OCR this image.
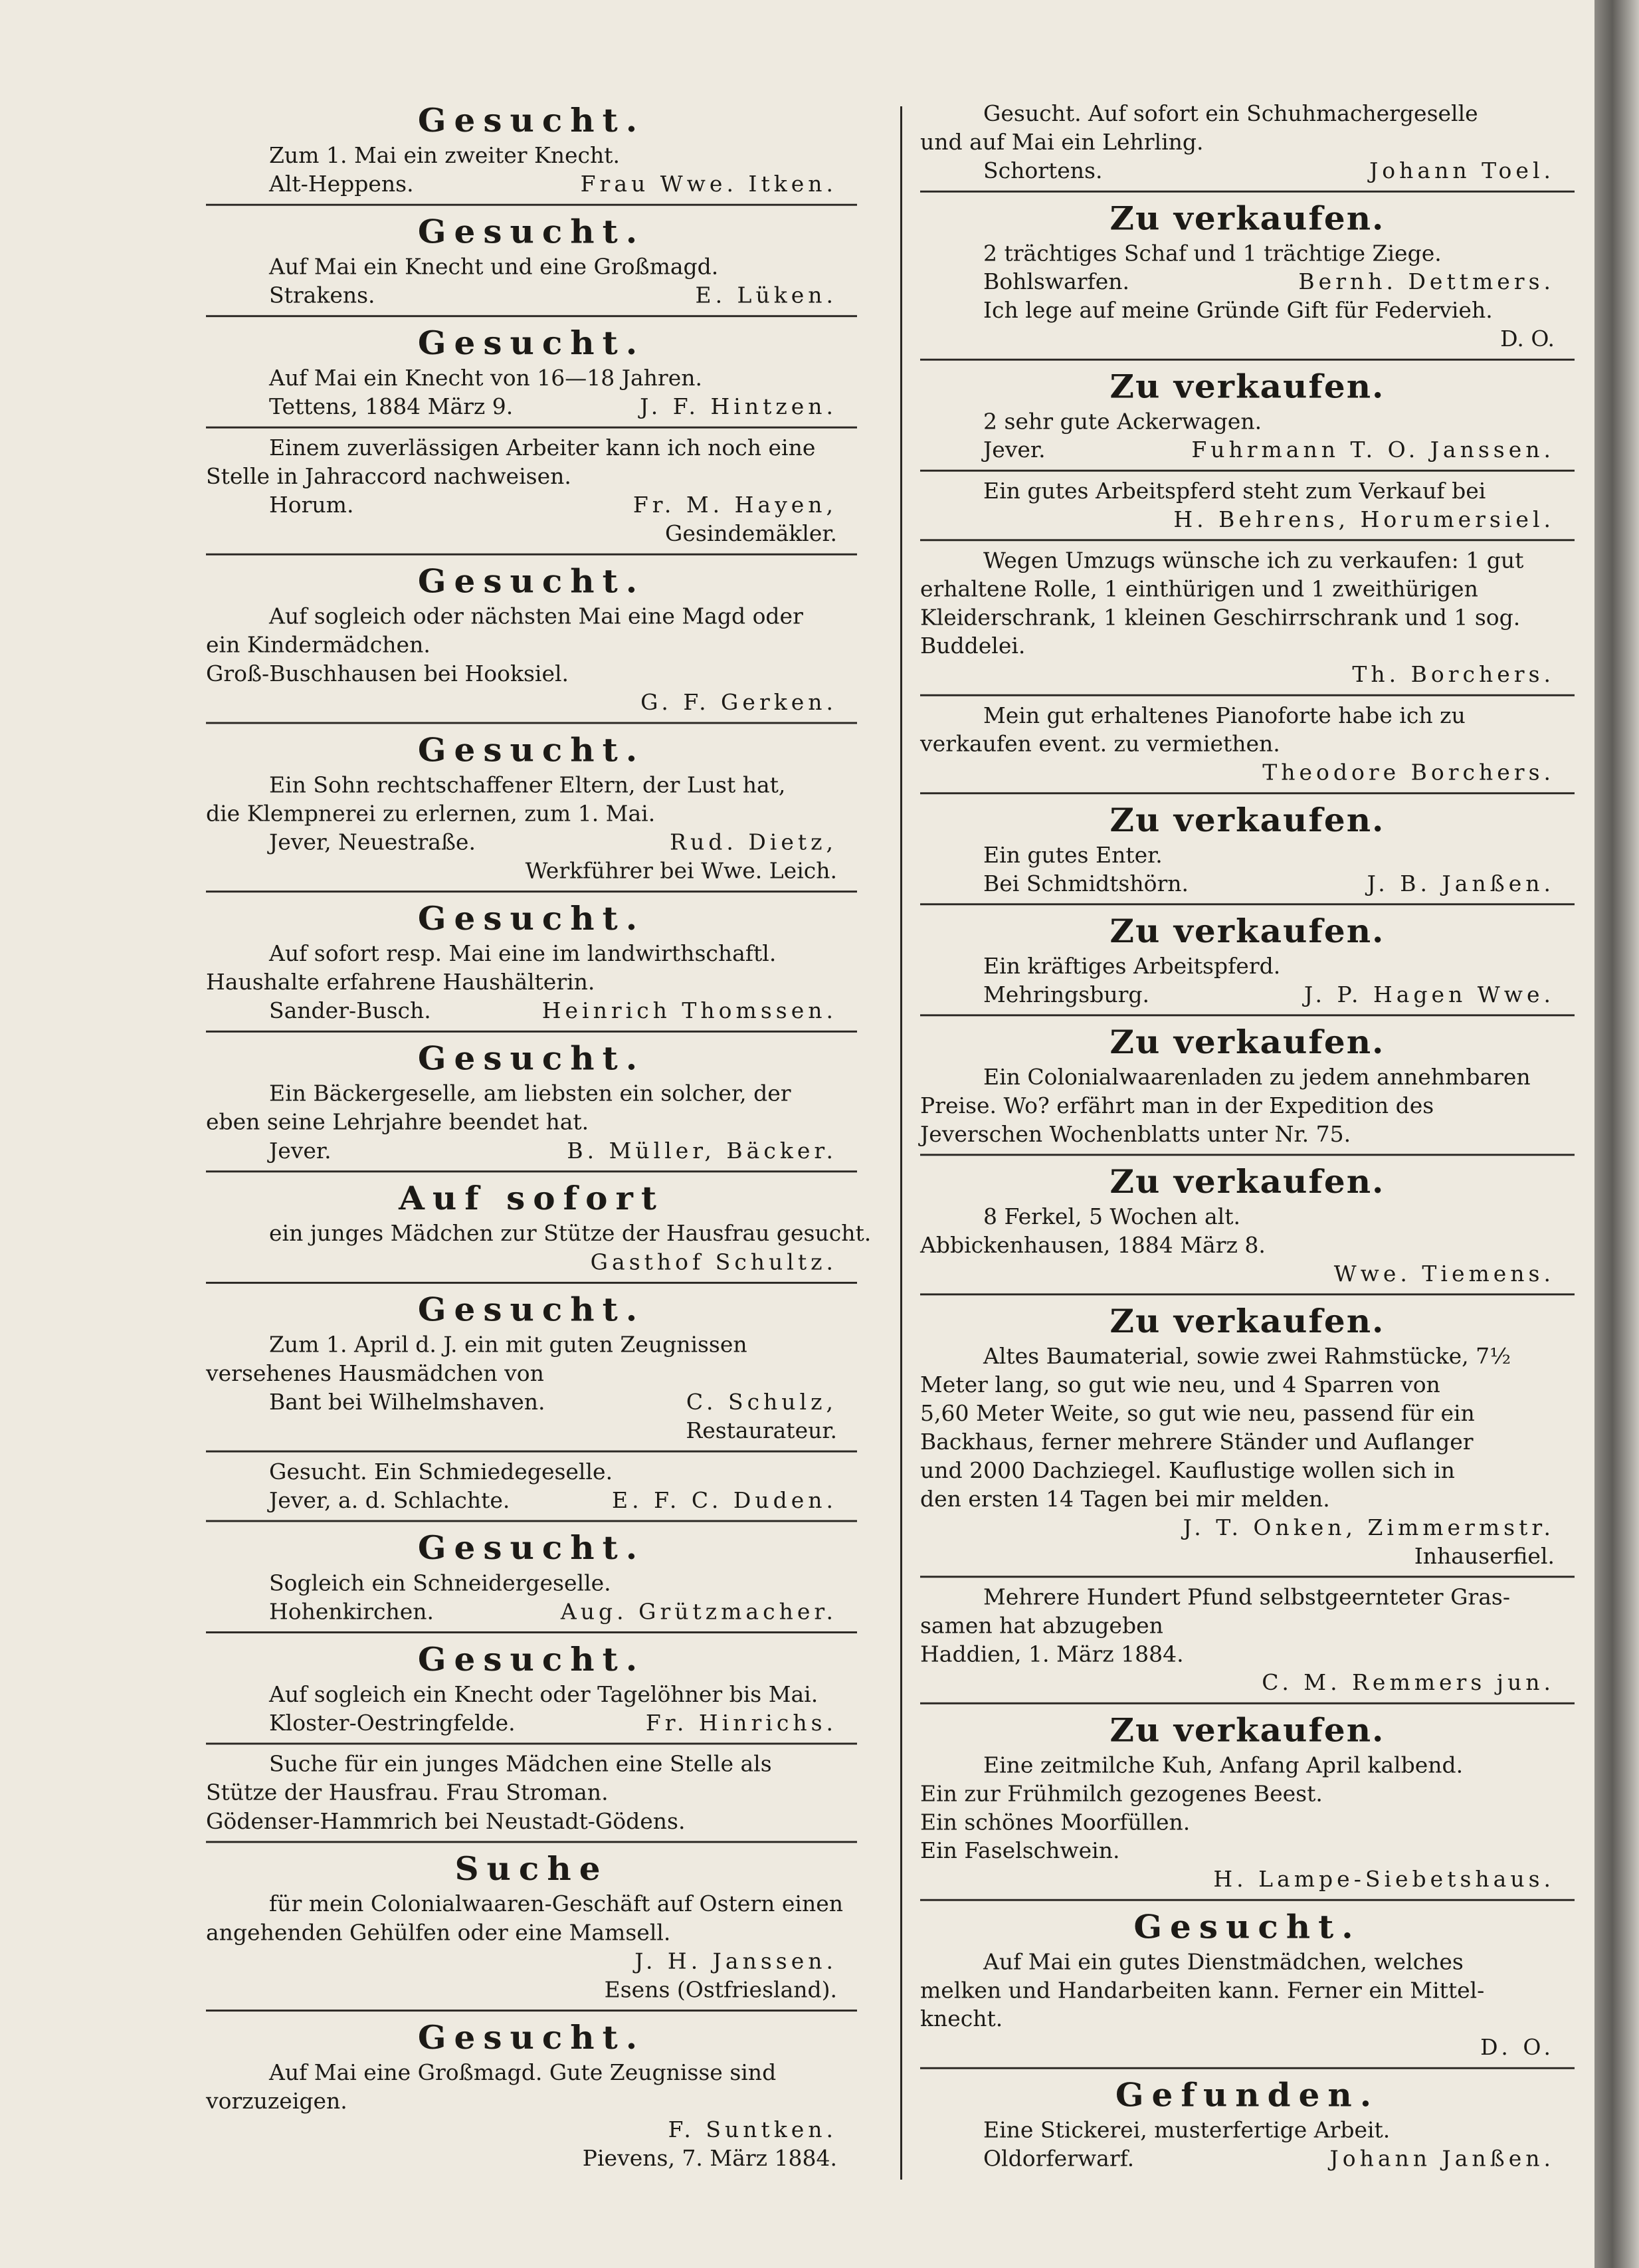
Gesucht.
Zum 1. Mai ein zweiter Knecht.
Alt-Heppens.	Frau Wwe. Itken.
Gesucht.
Auf Mai ein Knecht und eine Großmagd.
Strakens.	E. Lüken.
Gesucht.
Auf Mai ein Knecht von 16—18 Jahren.
Tettens, 1884 März 9.	J. F. Hintzen.
Einem zuverlässigen Arbeiter kann ich noch eine
Stelle in Jahraccord nachweisen.
Horum.	Fr. M. Hayen,
Gesindemäkler.
Gesucht.
Auf sogleich oder nächsten Mai eine Magd oder
ein Kindermädchen.
Groß-Buschhausen bei Hooksiel.
G. F. Gerken.
Gesucht.
Ein Sohn rechtschaffener Eltern, der Lust hat,
die Klempnerei zu erlernen, zum 1. Mai.
Jever, Neuestraße.	Rud. Dietz,
Werkführer bei Wwe. Leich.
Gesucht.
Auf sofort resp. Mai eine im landwirthschaftl.
Haushalte erfahrene Haushälterin.
Sander-Busch.	Heinrich Thomssen.
Gesucht.
Ein Bäckergeselle, am liebsten ein solcher, der
eben seine Lehrjahre beendet hat.
Jever.	B. Müller, Bäcker.
Auf sofort
ein junges Mädchen zur Stütze der Hausfrau gesucht.
Gasthof Schultz.
Gesucht.
Zum 1. April d. J. ein mit guten Zeugnissen
versehenes Hausmädchen von
Bant bei Wilhelmshaven.	C. Schulz,
Restaurateur.
Gesucht. Ein Schmiedegeselle.
Jever, a. d. Schlachte.	E. F. C. Duden.
Gesucht.
Sogleich ein Schneidergeselle.
Hohenkirchen.	Aug. Grützmacher.
Gesucht.
Auf sogleich ein Knecht oder Tagelöhner bis Mai.
Kloster-Oestringfelde.	Fr. Hinrichs.
Suche für ein junges Mädchen eine Stelle als
Stütze der Hausfrau. Frau Stroman.
Gödenser-Hammrich bei Neustadt-Gödens.
Suche
für mein Colonialwaaren-Geschäft auf Ostern einen
angehenden Gehülfen oder eine Mamsell.
J. H. Janssen.
Esens (Ostfriesland).
Gesucht.
Auf Mai eine Großmagd. Gute Zeugnisse sind
vorzuzeigen.
F. Suntken.
Pievens, 7. März 1884.
Gesucht. Auf sofort ein Schuhmachergeselle
und auf Mai ein Lehrling.
Schortens.	Johann Toel.
Zu verkaufen.
2 trächtiges Schaf und 1 trächtige Ziege.
Bohlswarfen.	Bernh. Dettmers.
Ich lege auf meine Gründe Gift für Federvieh.
D. O.
Zu verkaufen.
2 sehr gute Ackerwagen.
Jever.	Fuhrmann T. O. Janssen.
Ein gutes Arbeitspferd steht zum Verkauf bei
H. Behrens, Horumersiel.
Wegen Umzugs wünsche ich zu verkaufen: 1 gut
erhaltene Rolle, 1 einthürigen und 1 zweithürigen
Kleiderschrank, 1 kleinen Geschirrschrank und 1 sog.
Buddelei.
Th. Borchers.
Mein gut erhaltenes Pianoforte habe ich zu
verkaufen event. zu vermiethen.
Theodore Borchers.
Zu verkaufen.
Ein gutes Enter.
Bei Schmidtshörn.	J. B. Janßen.
Zu verkaufen.
Ein kräftiges Arbeitspferd.
Mehringsburg.	J. P. Hagen Wwe.
Zu verkaufen.
Ein Colonialwaarenladen zu jedem annehmbaren
Preise. Wo? erfährt man in der Expedition des
Jeverschen Wochenblatts unter Nr. 75.
Zu verkaufen.
8 Ferkel, 5 Wochen alt.
Abbickenhausen, 1884 März 8.
Wwe. Tiemens.
Zu verkaufen.
Altes Baumaterial, sowie zwei Rahmstücke, 7½
Meter lang, so gut wie neu, und 4 Sparren von
5,60 Meter Weite, so gut wie neu, passend für ein
Backhaus, ferner mehrere Ständer und Auflanger
und 2000 Dachziegel. Kauflustige wollen sich in
den ersten 14 Tagen bei mir melden.
J. T. Onken, Zimmermstr.
Inhauserfiel.
Mehrere Hundert Pfund selbstgeernteter Gras-
samen hat abzugeben
Haddien, 1. März 1884.
C. M. Remmers jun.
Zu verkaufen.
Eine zeitmilche Kuh, Anfang April kalbend.
Ein zur Frühmilch gezogenes Beest.
Ein schönes Moorfüllen.
Ein Faselschwein.
H. Lampe-Siebetshaus.
Gesucht.
Auf Mai ein gutes Dienstmädchen, welches
melken und Handarbeiten kann. Ferner ein Mittel-
knecht.
D. O.
Gefunden.
Eine Stickerei, musterfertige Arbeit.
Oldorferwarf.	Johann Janßen.
